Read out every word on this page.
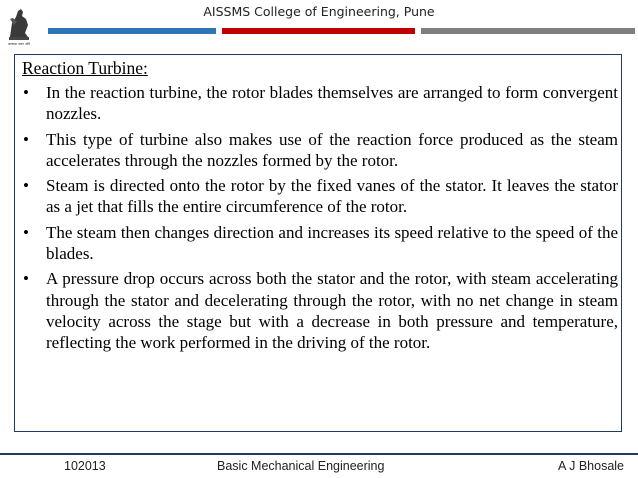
अरकाश अवन अति
AISSMS College of Engineering, Pune
Reaction Turbine:
• In the reaction turbine, the rotor blades themselves are arranged to form convergent nozzles.
• This type of turbine also makes use of the reaction force produced as the steam accelerates through the nozzles formed by the rotor.
• Steam is directed onto the rotor by the fixed vanes of the stator. It leaves the stator as a jet that fills the entire circumference of the rotor.
• The steam then changes direction and increases its speed relative to the speed of the blades.
• A pressure drop occurs across both the stator and the rotor, with steam accelerating through the stator and decelerating through the rotor, with no net change in steam velocity across the stage but with a decrease in both pressure and temperature, reflecting the work performed in the driving of the rotor.
102013	Basic Mechanical Engineering	A J Bhosale
